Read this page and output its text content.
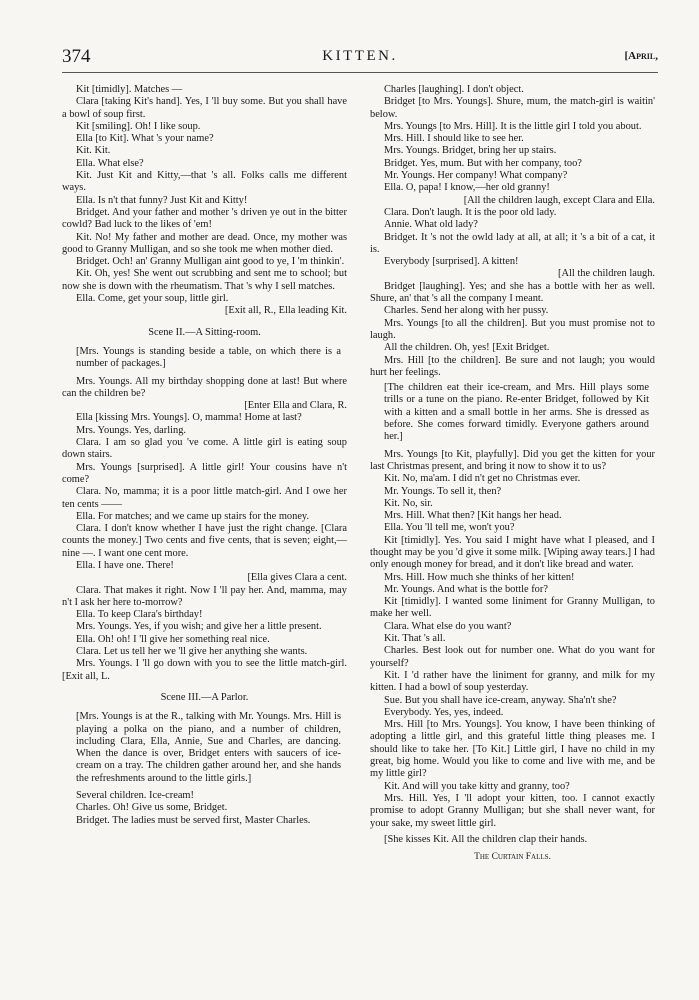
374	KITTEN.	[April,

Kit [timidly]. Matches —

Clara [taking Kit's hand]. Yes, I 'll buy some. But you shall have a bowl of soup first.

Kit [smiling]. Oh! I like soup.

Ella [to Kit]. What 's your name?

Kit. Kit.

Ella. What else?

Kit. Just Kit and Kitty,—that 's all. Folks calls me different ways.

Ella. Is n't that funny? Just Kit and Kitty!

Bridget. And your father and mother 's driven ye out in the bitter cowld? Bad luck to the likes of 'em!

Kit. No! My father and mother are dead. Once, my mother was good to Granny Mulligan, and so she took me when mother died.

Bridget. Och! an' Granny Mulligan aint good to ye, I 'm thinkin'.

Kit. Oh, yes! She went out scrubbing and sent me to school; but now she is down with the rheumatism. That 's why I sell matches.

Ella. Come, get your soup, little girl.

[Exit all, R., Ella leading Kit.

Scene II.—A Sitting-room.

[Mrs. Youngs is standing beside a table, on which there is a number of packages.]

Mrs. Youngs. All my birthday shopping done at last! But where can the children be?

[Enter Ella and Clara, R.

Ella [kissing Mrs. Youngs]. O, mamma! Home at last?

Mrs. Youngs. Yes, darling.

Clara. I am so glad you 've come. A little girl is eating soup down stairs.

Mrs. Youngs [surprised]. A little girl! Your cousins have n't come?

Clara. No, mamma; it is a poor little match-girl. And I owe her ten cents ——

Ella. For matches; and we came up stairs for the money.

Clara. I don't know whether I have just the right change. [Clara counts the money.] Two cents and five cents, that is seven; eight,—nine —. I want one cent more.

Ella. I have one. There!

[Ella gives Clara a cent.

Clara. That makes it right. Now I 'll pay her. And, mamma, may n't I ask her here to-morrow?

Ella. To keep Clara's birthday!

Mrs. Youngs. Yes, if you wish; and give her a little present.

Ella. Oh! oh! I 'll give her something real nice.

Clara. Let us tell her we 'll give her anything she wants.

Mrs. Youngs. I 'll go down with you to see the little match-girl. [Exit all, L.

Scene III.—A Parlor.

[Mrs. Youngs is at the R., talking with Mr. Youngs. Mrs. Hill is playing a polka on the piano, and a number of children, including Clara, Ella, Annie, Sue and Charles, are dancing. When the dance is over, Bridget enters with saucers of ice-cream on a tray. The children gather around her, and she hands the refreshments around to the little girls.]

Several children. Ice-cream!

Charles. Oh! Give us some, Bridget.

Bridget. The ladies must be served first, Master Charles.

Charles [laughing]. I don't object.

Bridget [to Mrs. Youngs]. Shure, mum, the match-girl is waitin' below.

Mrs. Youngs [to Mrs. Hill]. It is the little girl I told you about.

Mrs. Hill. I should like to see her.

Mrs. Youngs. Bridget, bring her up stairs.

Bridget. Yes, mum. But with her company, too?

Mr. Youngs. Her company! What company?

Ella. O, papa! I know,—her old granny!

[All the children laugh, except Clara and Ella.

Clara. Don't laugh. It is the poor old lady.

Annie. What old lady?

Bridget. It 's not the owld lady at all, at all; it 's a bit of a cat, it is.

Everybody [surprised]. A kitten!

[All the children laugh.

Bridget [laughing]. Yes; and she has a bottle with her as well. Shure, an' that 's all the company I meant.

Charles. Send her along with her pussy.

Mrs. Youngs [to all the children]. But you must promise not to laugh.

All the children. Oh, yes! [Exit Bridget.

Mrs. Hill [to the children]. Be sure and not laugh; you would hurt her feelings.

[The children eat their ice-cream, and Mrs. Hill plays some trills or a tune on the piano. Re-enter Bridget, followed by Kit with a kitten and a small bottle in her arms. She is dressed as before. She comes forward timidly. Everyone gathers around her.]

Mrs. Youngs [to Kit, playfully]. Did you get the kitten for your last Christmas present, and bring it now to show it to us?

Kit. No, ma'am. I did n't get no Christmas ever.

Mr. Youngs. To sell it, then?

Kit. No, sir.

Mrs. Hill. What then? [Kit hangs her head.

Ella. You 'll tell me, won't you?

Kit [timidly]. Yes. You said I might have what I pleased, and I thought may be you 'd give it some milk. [Wiping away tears.] I had only enough money for bread, and it don't like bread and water.

Mrs. Hill. How much she thinks of her kitten!

Mr. Youngs. And what is the bottle for?

Kit [timidly]. I wanted some liniment for Granny Mulligan, to make her well.

Clara. What else do you want?

Kit. That 's all.

Charles. Best look out for number one. What do you want for yourself?

Kit. I 'd rather have the liniment for granny, and milk for my kitten. I had a bowl of soup yesterday.

Sue. But you shall have ice-cream, anyway. Sha'n't she?

Everybody. Yes, yes, indeed.

Mrs. Hill [to Mrs. Youngs]. You know, I have been thinking of adopting a little girl, and this grateful little thing pleases me. I should like to take her. [To Kit.] Little girl, I have no child in my great, big home. Would you like to come and live with me, and be my little girl?

Kit. And will you take kitty and granny, too?

Mrs. Hill. Yes, I 'll adopt your kitten, too. I cannot exactly promise to adopt Granny Mulligan; but she shall never want, for your sake, my sweet little girl.

[She kisses Kit. All the children clap their hands.

The Curtain Falls.
